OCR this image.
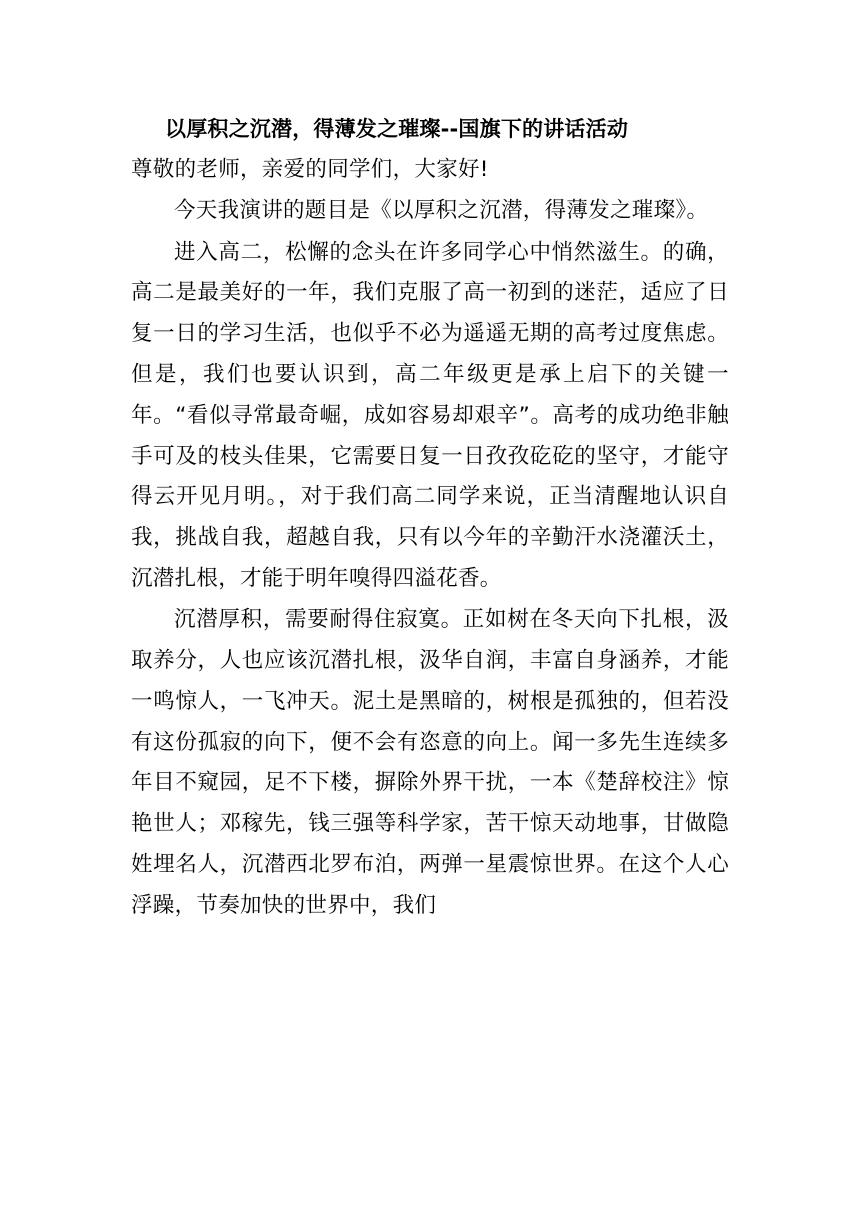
以厚积之沉潜，得薄发之璀璨--国旗下的讲话活动

尊敬的老师，亲爱的同学们，大家好!

今天我演讲的题目是《以厚积之沉潜，得薄发之璀璨》。

进入高二，松懈的念头在许多同学心中悄然滋生。的确，高二是最美好的一年，我们克服了高一初到的迷茫，适应了日复一日的学习生活，也似乎不必为遥遥无期的高考过度焦虑。但是，我们也要认识到，高二年级更是承上启下的关键一年。“看似寻常最奇崛，成如容易却艰辛”。高考的成功绝非触手可及的枝头佳果，它需要日复一日孜孜矻矻的坚守，才能守得云开见月明。，对于我们高二同学来说，正当清醒地认识自我，挑战自我，超越自我，只有以今年的辛勤汗水浇灌沃土，沉潜扎根，才能于明年嗅得四溢花香。

沉潜厚积，需要耐得住寂寞。正如树在冬天向下扎根，汲取养分，人也应该沉潜扎根，汲华自润，丰富自身涵养，才能一鸣惊人，一飞冲天。泥土是黑暗的，树根是孤独的，但若没有这份孤寂的向下，便不会有恣意的向上。闻一多先生连续多年目不窥园，足不下楼，摒除外界干扰，一本《楚辞校注》惊艳世人；邓稼先，钱三强等科学家，苦干惊天动地事，甘做隐姓埋名人，沉潜西北罗布泊，两弹一星震惊世界。在这个人心浮躁，节奏加快的世界中，我们
